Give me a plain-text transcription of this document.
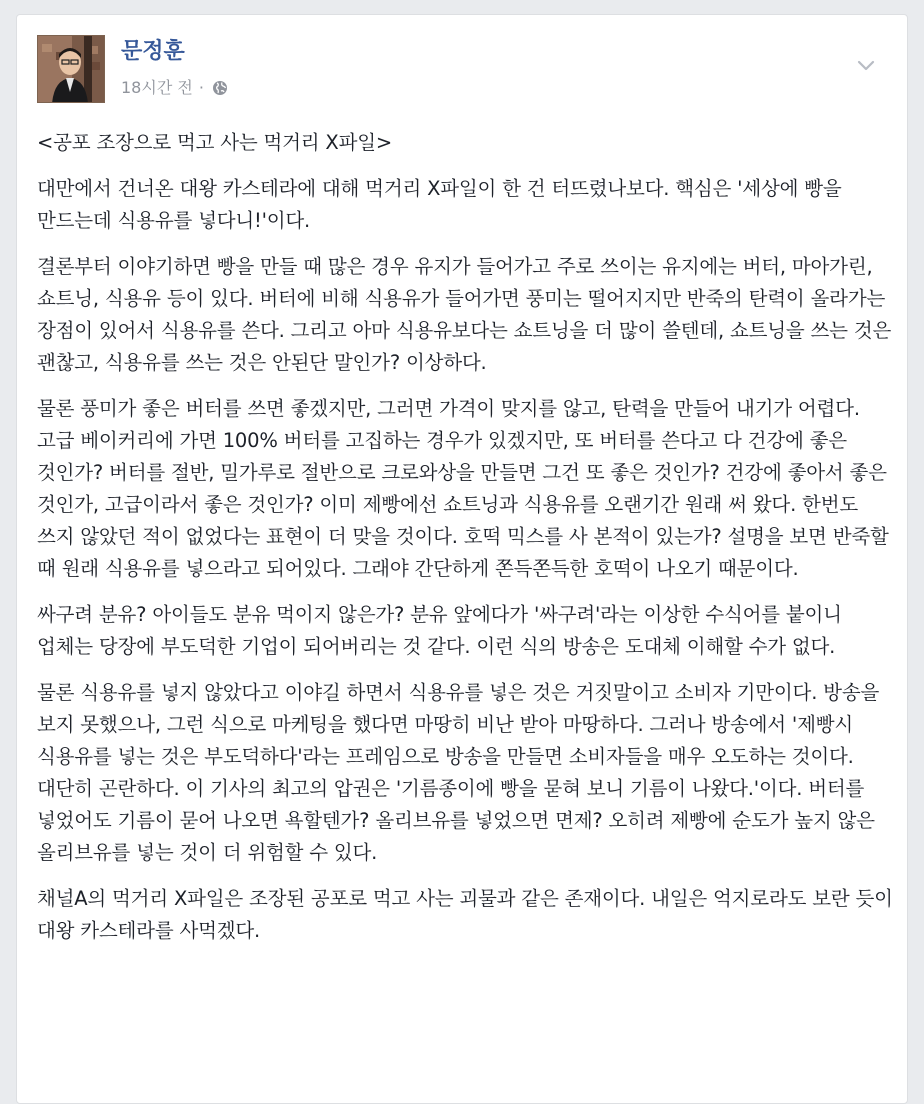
문정훈
18시간 전 ·

<공포 조장으로 먹고 사는 먹거리 X파일>

대만에서 건너온 대왕 카스테라에 대해 먹거리 X파일이 한 건 터뜨렸나보다. 핵심은 '세상에 빵을 만드는데 식용유를 넣다니!'이다.

결론부터 이야기하면 빵을 만들 때 많은 경우 유지가 들어가고 주로 쓰이는 유지에는 버터, 마아가린, 쇼트닝, 식용유 등이 있다. 버터에 비해 식용유가 들어가면 풍미는 떨어지지만 반죽의 탄력이 올라가는 장점이 있어서 식용유를 쓴다. 그리고 아마 식용유보다는 쇼트닝을 더 많이 쓸텐데, 쇼트닝을 쓰는 것은 괜찮고, 식용유를 쓰는 것은 안된단 말인가? 이상하다.

물론 풍미가 좋은 버터를 쓰면 좋겠지만, 그러면 가격이 맞지를 않고, 탄력을 만들어 내기가 어렵다. 고급 베이커리에 가면 100% 버터를 고집하는 경우가 있겠지만, 또 버터를 쓴다고 다 건강에 좋은 것인가? 버터를 절반, 밀가루로 절반으로 크로와상을 만들면 그건 또 좋은 것인가? 건강에 좋아서 좋은 것인가, 고급이라서 좋은 것인가? 이미 제빵에선 쇼트닝과 식용유를 오랜기간 원래 써 왔다. 한번도 쓰지 않았던 적이 없었다는 표현이 더 맞을 것이다. 호떡 믹스를 사 본적이 있는가? 설명을 보면 반죽할 때 원래 식용유를 넣으라고 되어있다. 그래야 간단하게 쫀득쫀득한 호떡이 나오기 때문이다.

싸구려 분유? 아이들도 분유 먹이지 않은가? 분유 앞에다가 '싸구려'라는 이상한 수식어를 붙이니 업체는 당장에 부도덕한 기업이 되어버리는 것 같다. 이런 식의 방송은 도대체 이해할 수가 없다.

물론 식용유를 넣지 않았다고 이야길 하면서 식용유를 넣은 것은 거짓말이고 소비자 기만이다. 방송을 보지 못했으나, 그런 식으로 마케팅을 했다면 마땅히 비난 받아 마땅하다. 그러나 방송에서 '제빵시 식용유를 넣는 것은 부도덕하다'라는 프레임으로 방송을 만들면 소비자들을 매우 오도하는 것이다. 대단히 곤란하다. 이 기사의 최고의 압권은 '기름종이에 빵을 묻혀 보니 기름이 나왔다.'이다. 버터를 넣었어도 기름이 묻어 나오면 욕할텐가? 올리브유를 넣었으면 면제? 오히려 제빵에 순도가 높지 않은 올리브유를 넣는 것이 더 위험할 수 있다.

채널A의 먹거리 X파일은 조장된 공포로 먹고 사는 괴물과 같은 존재이다. 내일은 억지로라도 보란 듯이 대왕 카스테라를 사먹겠다.
